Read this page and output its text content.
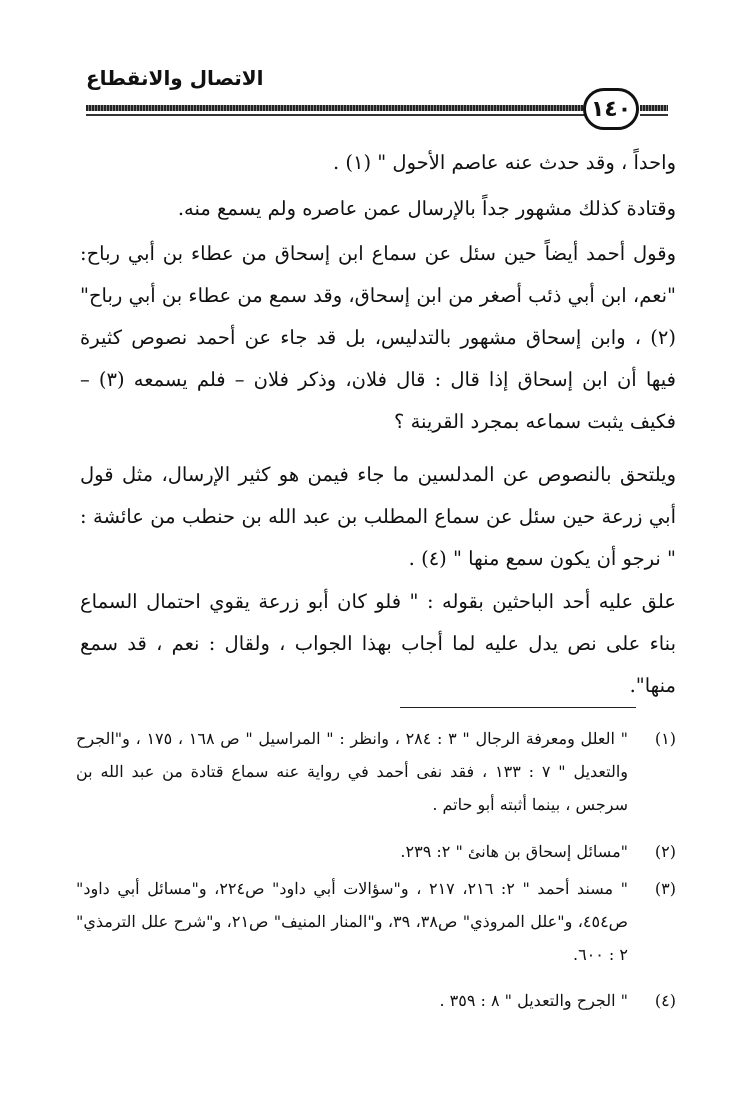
الاتصال والانقطاع
١٤٠
واحداً ، وقد حدث عنه عاصم الأحول " (١) .
وقتادة كذلك مشهور جداً بالإرسال عمن عاصره ولم يسمع منه.
وقول أحمد أيضاً حين سئل عن سماع ابن إسحاق من عطاء بن أبي رباح: "نعم، ابن أبي ذئب أصغر من ابن إسحاق، وقد سمع من عطاء بن أبي رباح" (٢) ، وابن إسحاق مشهور بالتدليس، بل قد جاء عن أحمد نصوص كثيرة فيها أن ابن إسحاق إذا قال : قال فلان، وذكر فلان – فلم يسمعه (٣) – فكيف يثبت سماعه بمجرد القرينة ؟
ويلتحق بالنصوص عن المدلسين ما جاء فيمن هو كثير الإرسال، مثل قول أبي زرعة حين سئل عن سماع المطلب بن عبد الله بن حنطب من عائشة : " نرجو أن يكون سمع منها " (٤) .
علق عليه أحد الباحثين بقوله : " فلو كان أبو زرعة يقوي احتمال السماع بناء على نص يدل عليه لما أجاب بهذا الجواب ، ولقال : نعم ، قد سمع منها".
(١)
" العلل ومعرفة الرجال " ٣ : ٢٨٤ ، وانظر : " المراسيل " ص ١٦٨ ، ١٧٥ ، و"الجرح والتعديل " ٧ : ١٣٣ ، فقد نفى أحمد في رواية عنه سماع قتادة من عبد الله بن سرجس ، بينما أثبته أبو حاتم .
(٢)
"مسائل إسحاق بن هانئ " ٢: ٢٣٩.
(٣)
" مسند أحمد " ٢: ٢١٦، ٢١٧ ، و"سؤالات أبي داود" ص٢٢٤، و"مسائل أبي داود" ص٤٥٤، و"علل المروذي" ص٣٨، ٣٩، و"المنار المنيف" ص٢١، و"شرح علل الترمذي" ٢ : ٦٠٠.
(٤)
" الجرح والتعديل " ٨ : ٣٥٩ .
